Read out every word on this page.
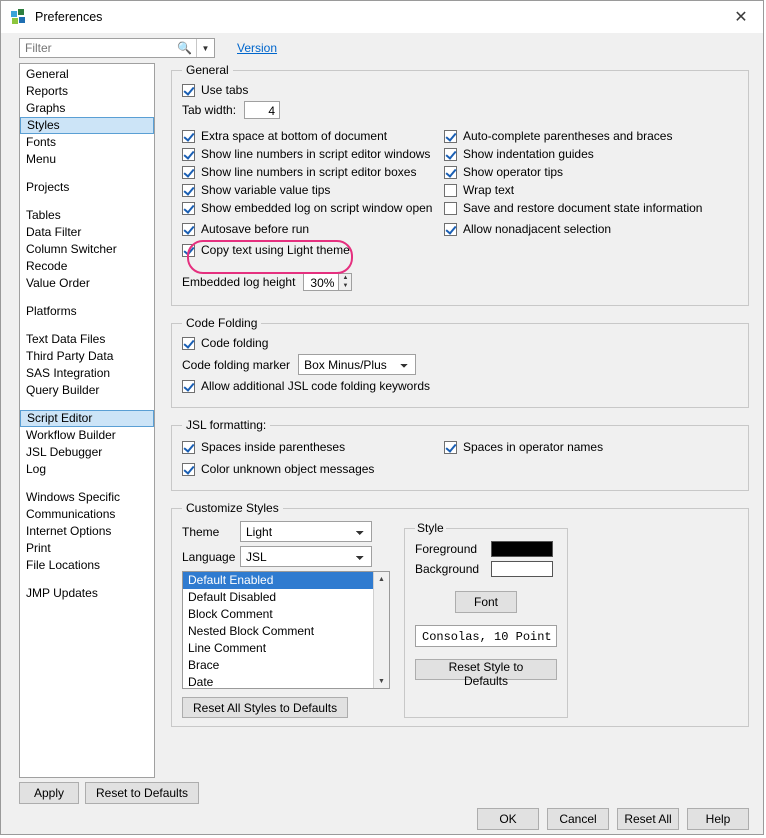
Preferences	✕
Filter
🔍	▼	Version
General
Reports
Graphs
Styles
Fonts
Menu
Projects
Tables
Data Filter
Column Switcher
Recode
Value Order
Platforms
Text Data Files
Third Party Data
SAS Integration
Query Builder
Script Editor
Workflow Builder
JSL Debugger
Log
Windows Specific
Communications
Internet Options
Print
File Locations
JMP Updates
General
Use tabs
Tab width:	4
Extra space at bottom of document
Show line numbers in script editor windows
Show line numbers in script editor boxes
Show variable value tips
Show embedded log on script window open
Autosave before run
Copy text using Light theme
Auto-complete parentheses and braces
Show indentation guides
Show operator tips
Wrap text
Save and restore document state information
Allow nonadjacent selection
Embedded log height	30%	▲
▼
Code Folding
Code folding
Code folding marker
Box Minus/Plus
Allow additional JSL code folding keywords
JSL formatting:
Spaces inside parentheses	Spaces in operator names
Color unknown object messages
Customize Styles
Theme
Light
Language
JSL
Default Enabled
Default Disabled
Block Comment
Nested Block Comment
Line Comment
Brace
Date
▲
▼
Reset All Styles to Defaults
Style
Foreground
Background
Font
Consolas, 10 Point
Reset Style to Defaults
Apply	Reset to Defaults
OK	Cancel	Reset All	Help
